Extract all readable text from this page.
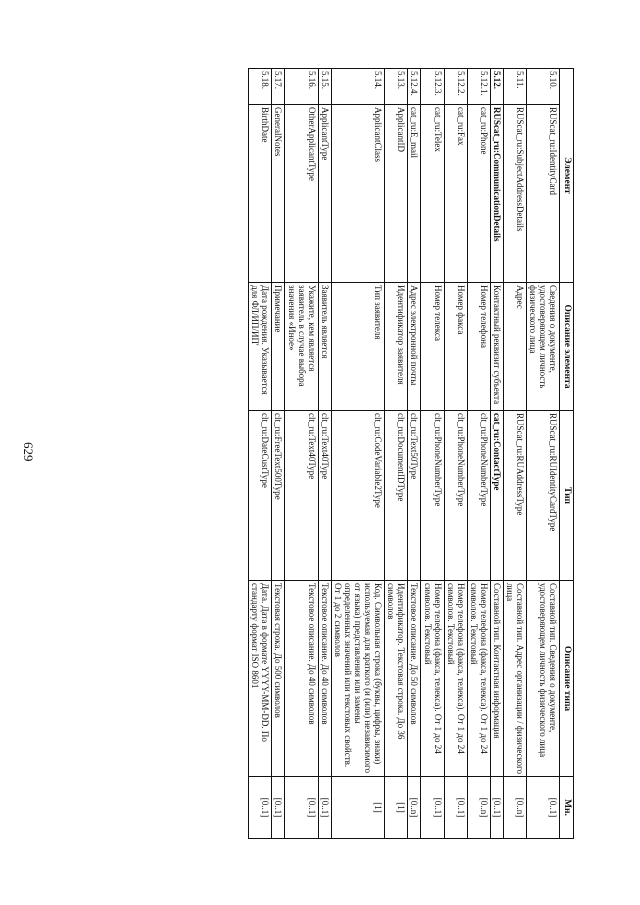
629
Элемент		Описание элемента	Тип	Описание типа	Мн.
5.10.	RUScat_ru:IdentityCard	Сведения о документе, удостоверяющем личность физического лица	RUScat_ru:RUIdentityCardType	Составной тип. Сведения о документе, удостоверяющем личность физического лица	[0..1]
5.11.	RUScat_ru:SubjectAddressDetails	Адрес	RUScat_ru:RUAddressType	Составной тип. Адрес организации / физического лица	[0..n]
5.12.	RUScat_ru:CommunicationDetails	Контактный реквизит субъекта	cat_ru:ContactType	Составной тип. Контактная информация	[0..1]
5.12.1.	cat_ru:Phone	Номер телефона	clt_ru:PhoneNumberType	Номер телефона (факса, телекса). От 1 до 24 символов. Текстовый	[0..n]
5.12.2.	cat_ru:Fax	Номер факса	clt_ru:PhoneNumberType	Номер телефона (факса, телекса). От 1 до 24 символов. Текстовый	[0..1]
5.12.3.	cat_ru:Telex	Номер телекса	clt_ru:PhoneNumberType	Номер телефона (факса, телекса). От 1 до 24 символов. Текстовый	[0..1]
5.12.4.	cat_ru:E_mail	Адрес электронной почты	clt_ru:Text50Type	Текстовое описание. До 50 символов	[0..n]
5.13.	ApplicantID	Идентификатор заявителя	clt_ru:DocumentIDType	Идентификатор. Текстовая строка. До 36 символов	[1]
5.14.	ApplicantClass	Тип заявителя	clt_ru:CodeVariable2Type	Код. Символьная строка (буквы, цифры, знаки) используемая для краткого (и (или) независимого от языка) представления или замены определенных значений или текстовых свойств. От 1 до 2 символов	[1]
5.15.	ApplicantType	Заявитель является	clt_ru:Text40Type	Текстовое описание. До 40 символов	[0..1]
5.16.	OtherApplicantType	Укажите, кем является заявитель в случае выбора значения «Иное»	clt_ru:Text40Type	Текстовое описание. До 40 символов	[0..1]
5.17.	GeneralNotes	Примечание	clt_ru:FreeText500Type	Текстовая строка. До 500 символов	[0..1]
5.18.	BirthDate	Дата рождения. Указывается для ФЛ/ИП/ИП'	clt_ru:DateCustType	Дата. Дата в формате YYYY-MM-DD. По стандарту формат ISO 8601	[0..1]
